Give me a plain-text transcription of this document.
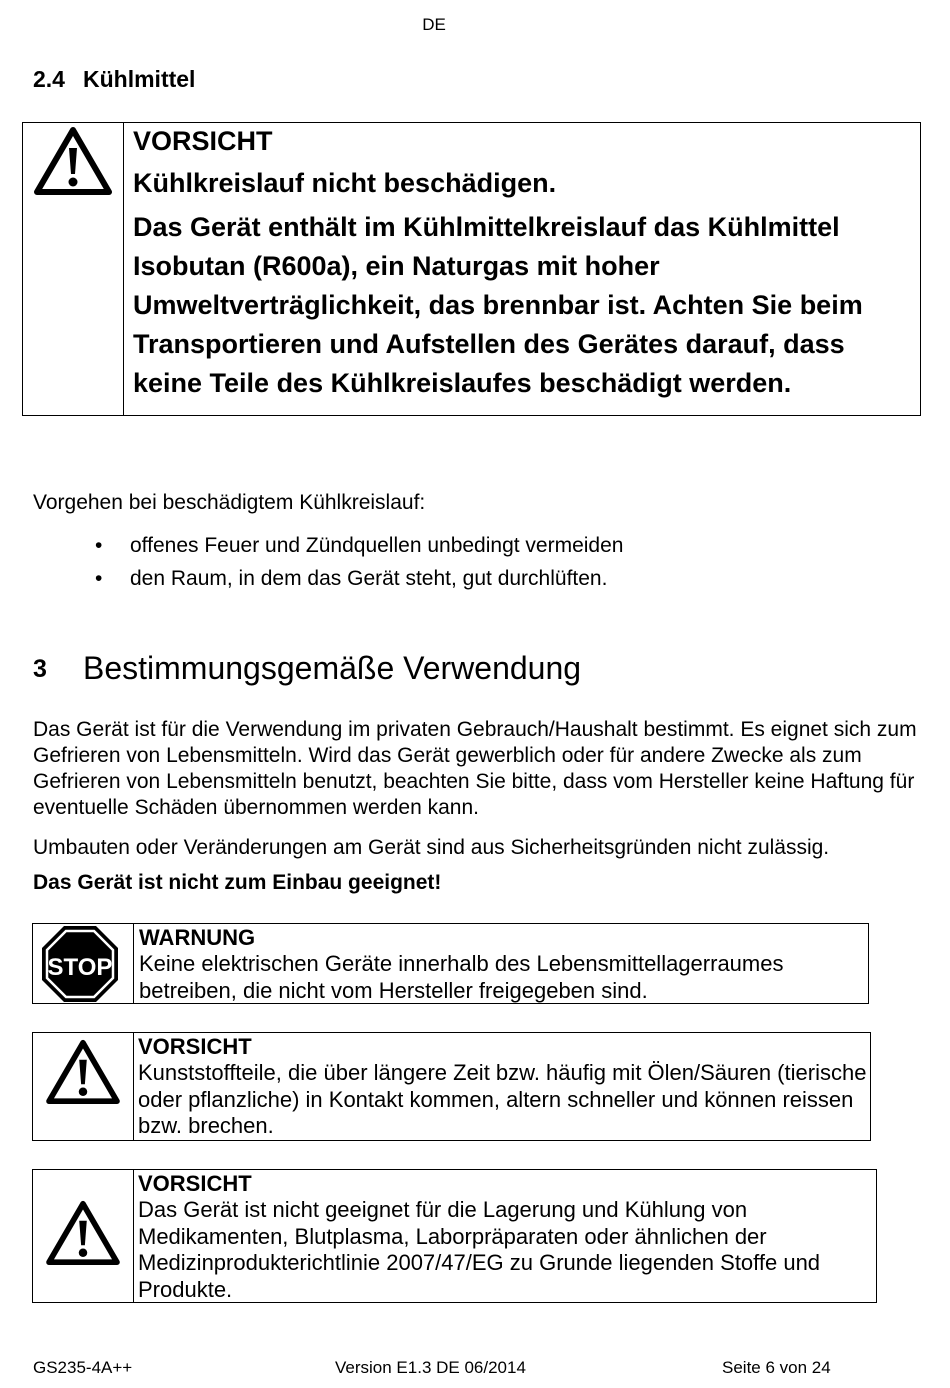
DE
2.4 Kühlmittel
VORSICHT
Kühlkreislauf nicht beschädigen.
Das Gerät enthält im Kühlmittelkreislauf das Kühlmittel Isobutan (R600a), ein Naturgas mit hoher Umweltverträglichkeit, das brennbar ist. Achten Sie beim Transportieren und Aufstellen des Gerätes darauf, dass keine Teile des Kühlkreislaufes beschädigt werden.
Vorgehen bei beschädigtem Kühlkreislauf:
• offenes Feuer und Zündquellen unbedingt vermeiden
• den Raum, in dem das Gerät steht, gut durchlüften.
3 Bestimmungsgemäße Verwendung
Das Gerät ist für die Verwendung im privaten Gebrauch/Haushalt bestimmt. Es eignet sich zum Gefrieren von Lebensmitteln. Wird das Gerät gewerblich oder für andere Zwecke als zum Gefrieren von Lebensmitteln benutzt, beachten Sie bitte, dass vom Hersteller keine Haftung für eventuelle Schäden übernommen werden kann.
Umbauten oder Veränderungen am Gerät sind aus Sicherheitsgründen nicht zulässig.
Das Gerät ist nicht zum Einbau geeignet!
STOP
WARNUNG
Keine elektrischen Geräte innerhalb des Lebensmittellagerraumes betreiben, die nicht vom Hersteller freigegeben sind.
VORSICHT
Kunststoffteile, die über längere Zeit bzw. häufig mit Ölen/Säuren (tierische oder pflanzliche) in Kontakt kommen, altern schneller und können reissen bzw. brechen.
VORSICHT
Das Gerät ist nicht geeignet für die Lagerung und Kühlung von Medikamenten, Blutplasma, Laborpräparaten oder ähnlichen der Medizinprodukterichtlinie 2007/47/EG zu Grunde liegenden Stoffe und Produkte.
GS235-4A++	Version E1.3 DE 06/2014	Seite 6 von 24
